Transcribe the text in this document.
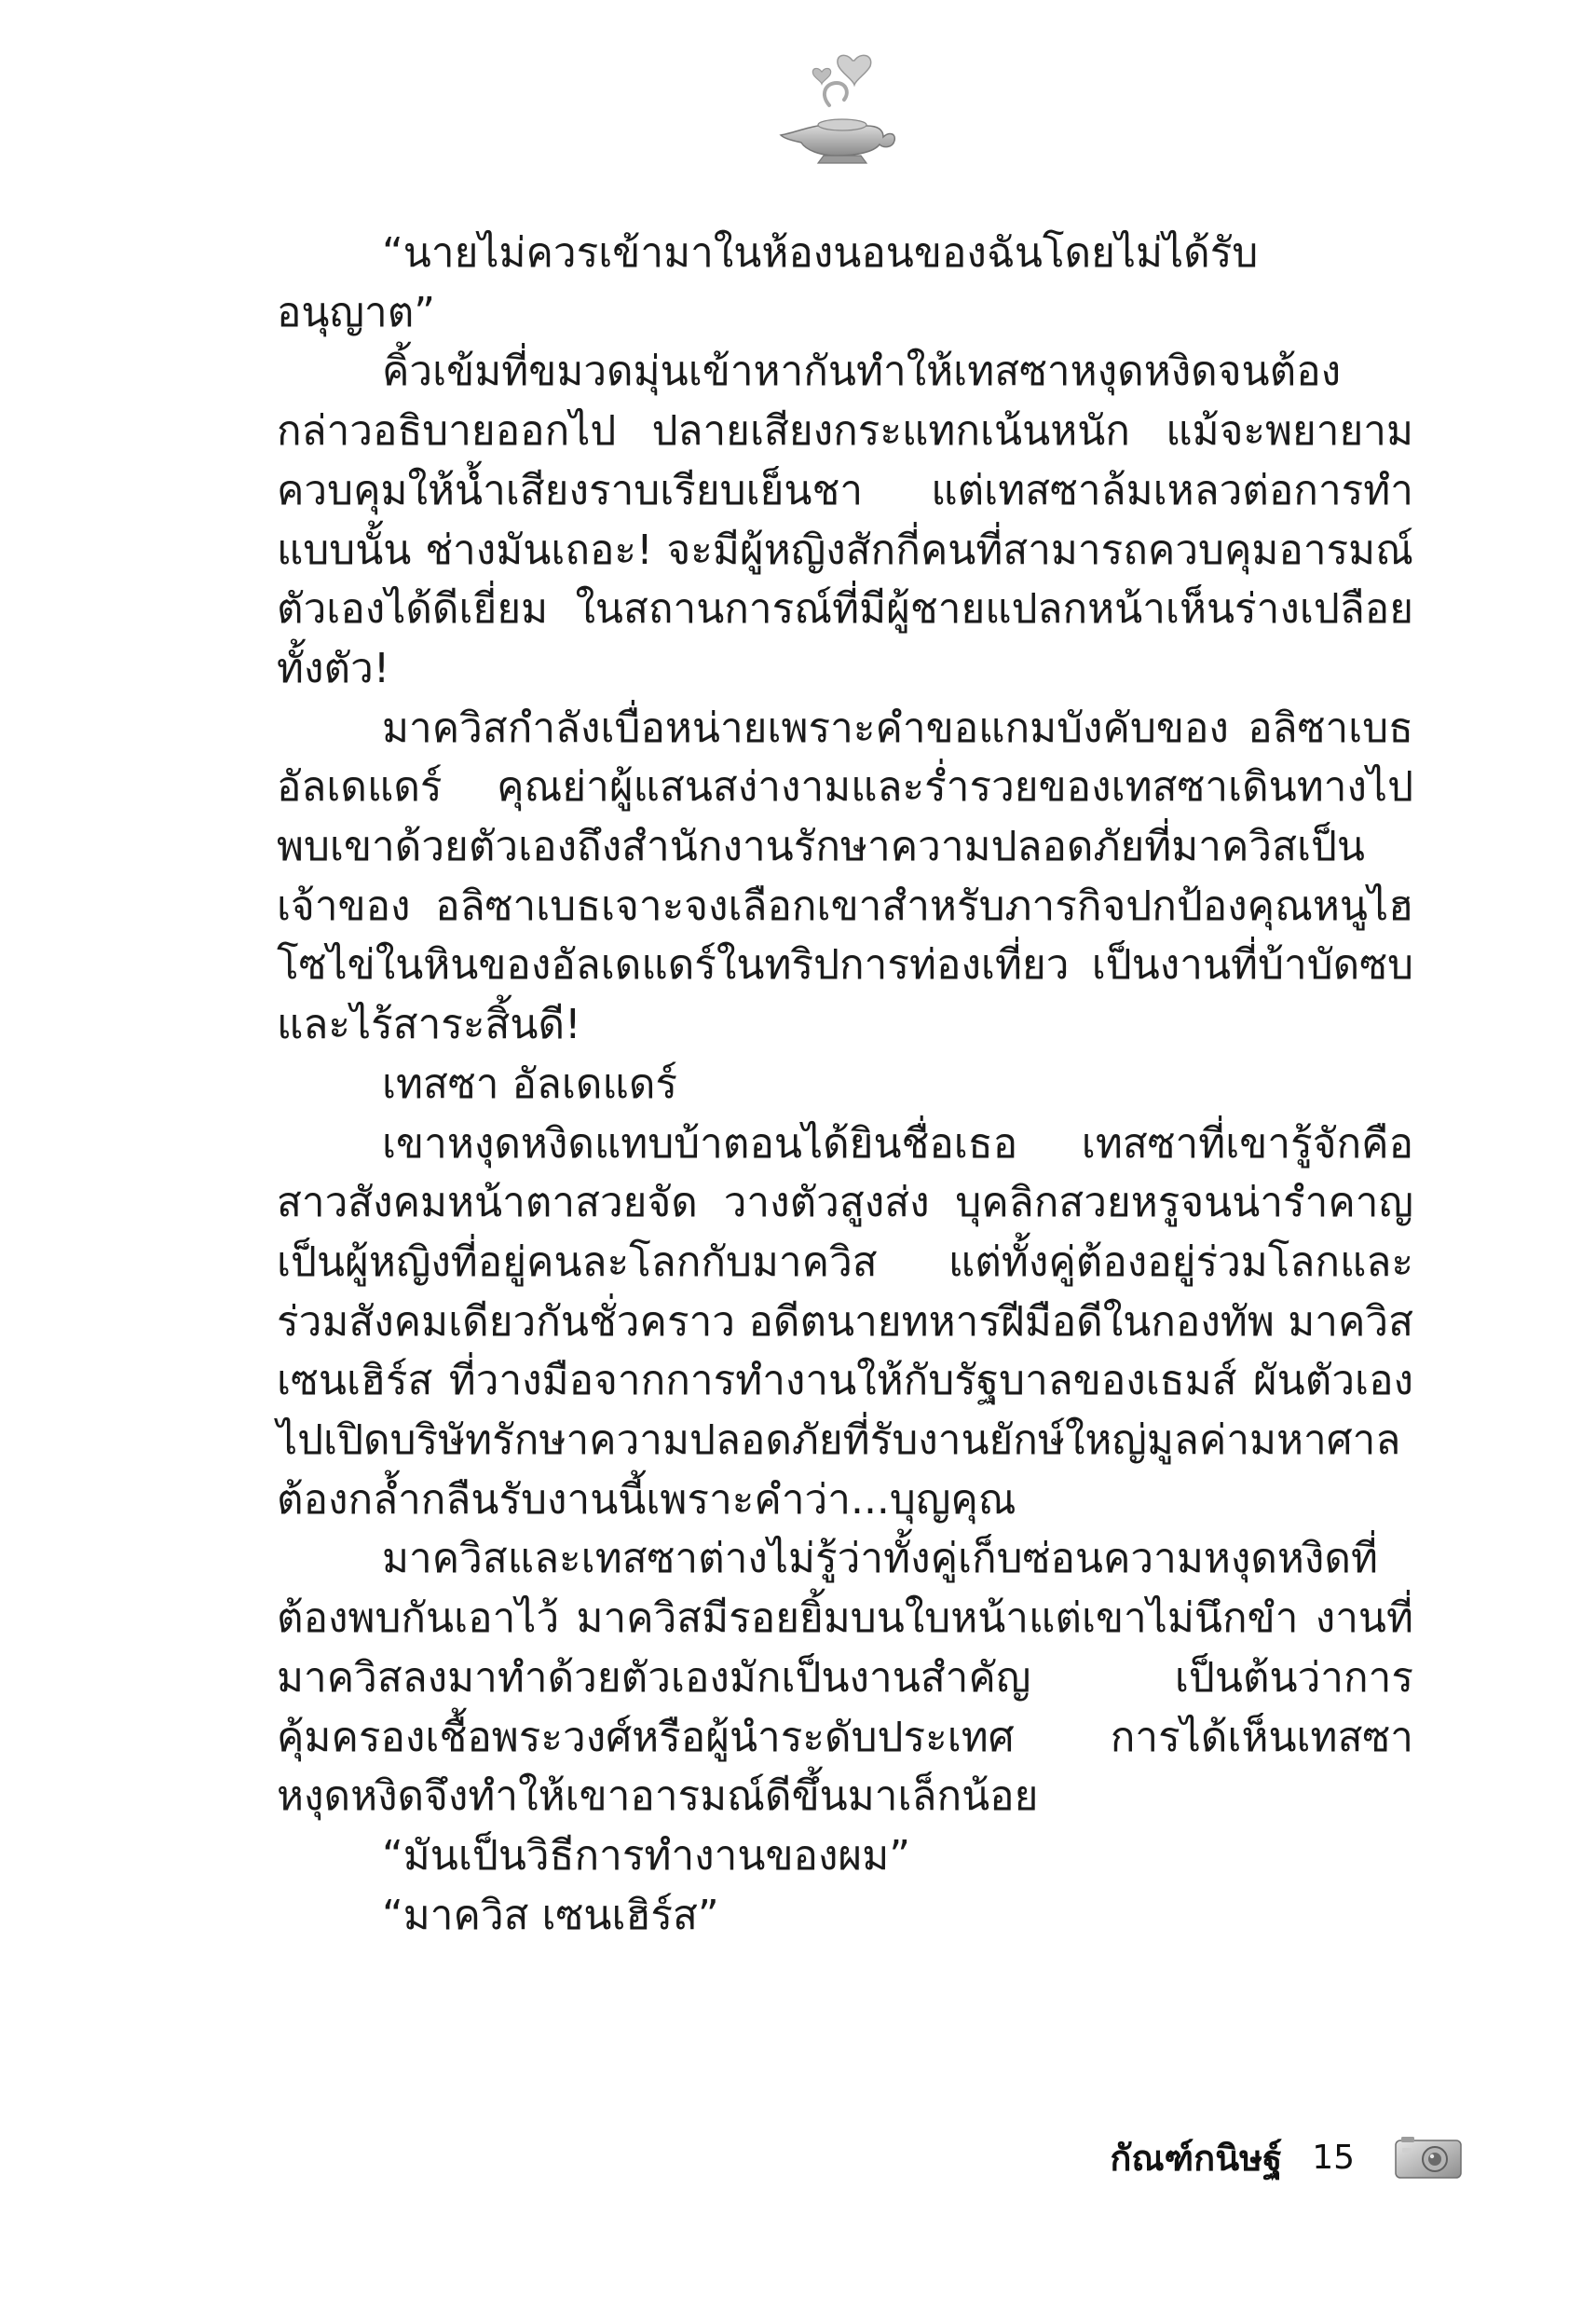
“นายไม่ควรเข้ามาในห้องนอนของฉันโดยไม่ได้รับอนุญาต”

คิ้วเข้มที่ขมวดมุ่นเข้าหากันทำให้เทสซาหงุดหงิดจนต้องกล่าวอธิบายออกไป ปลายเสียงกระแทกเน้นหนัก แม้จะพยายามควบคุมให้น้ำเสียงราบเรียบเย็นชา แต่เทสซาล้มเหลวต่อการทำแบบนั้น ช่างมันเถอะ! จะมีผู้หญิงสักกี่คนที่สามารถควบคุมอารมณ์ตัวเองได้ดีเยี่ยม ในสถานการณ์ที่มีผู้ชายแปลกหน้าเห็นร่างเปลือยทั้งตัว!

มาควิสกำลังเบื่อหน่ายเพราะคำขอแกมบังคับของ อลิซาเบธ อัลเดแดร์ คุณย่าผู้แสนสง่างามและร่ำรวยของเทสซาเดินทางไปพบเขาด้วยตัวเองถึงสำนักงานรักษาความปลอดภัยที่มาควิสเป็นเจ้าของ อลิซาเบธเจาะจงเลือกเขาสำหรับภารกิจปกป้องคุณหนูไฮโซไข่ในหินของอัลเดแดร์ในทริปการท่องเที่ยว เป็นงานที่บ้าบัดซบและไร้สาระสิ้นดี!

เทสซา อัลเดแดร์

เขาหงุดหงิดแทบบ้าตอนได้ยินชื่อเธอ เทสซาที่เขารู้จักคือสาวสังคมหน้าตาสวยจัด วางตัวสูงส่ง บุคลิกสวยหรูจนน่ารำคาญ เป็นผู้หญิงที่อยู่คนละโลกกับมาควิส แต่ทั้งคู่ต้องอยู่ร่วมโลกและร่วมสังคมเดียวกันชั่วคราว อดีตนายทหารฝีมือดีในกองทัพ มาควิส เซนเฮิร์ส ที่วางมือจากการทำงานให้กับรัฐบาลของเธมส์ ผันตัวเองไปเปิดบริษัทรักษาความปลอดภัยที่รับงานยักษ์ใหญ่มูลค่ามหาศาลต้องกล้ำกลืนรับงานนี้เพราะคำว่า...บุญคุณ

มาควิสและเทสซาต่างไม่รู้ว่าทั้งคู่เก็บซ่อนความหงุดหงิดที่ต้องพบกันเอาไว้ มาควิสมีรอยยิ้มบนใบหน้าแต่เขาไม่นึกขำ งานที่มาควิสลงมาทำด้วยตัวเองมักเป็นงานสำคัญ เป็นต้นว่าการคุ้มครองเชื้อพระวงศ์หรือผู้นำระดับประเทศ การได้เห็นเทสซาหงุดหงิดจึงทำให้เขาอารมณ์ดีขึ้นมาเล็กน้อย

“มันเป็นวิธีการทำงานของผม”

“มาควิส เซนเฮิร์ส”

กัณฑ์กนิษฐ์ 15
